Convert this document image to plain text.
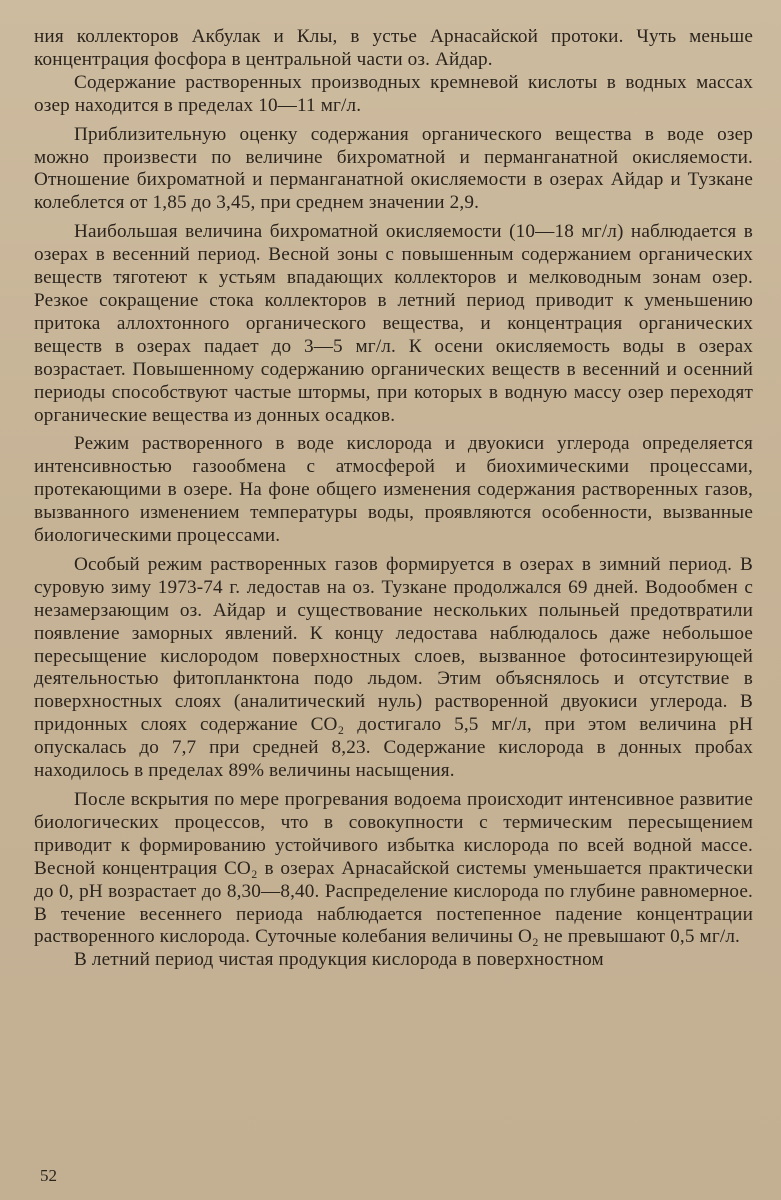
ния коллекторов Акбулак и Клы, в устье Арнасайской протоки. Чуть меньше концентрация фосфора в центральной части оз. Айдар.

Содержание растворенных производных кремневой кислоты в водных массах озер находится в пределах 10—11 мг/л.

Приблизительную оценку содержания органического вещества в воде озер можно произвести по величине бихроматной и перманганатной окисляемости. Отношение бихроматной и перманганатной окисляемости в озерах Айдар и Тузкане колеблется от 1,85 до 3,45, при среднем значении 2,9.

Наибольшая величина бихроматной окисляемости (10—18 мг/л) наблюдается в озерах в весенний период. Весной зоны с повышенным содержанием органических веществ тяготеют к устьям впадающих коллекторов и мелководным зонам озер. Резкое сокращение стока коллекторов в летний период приводит к уменьшению притока аллохтонного органического вещества, и концентрация органических веществ в озерах падает до 3—5 мг/л. К осени окисляемость воды в озерах возрастает. Повышенному содержанию органических веществ в весенний и осенний периоды способствуют частые штормы, при которых в водную массу озер переходят органические вещества из донных осадков.

Режим растворенного в воде кислорода и двуокиси углерода определяется интенсивностью газообмена с атмосферой и биохимическими процессами, протекающими в озере. На фоне общего изменения содержания растворенных газов, вызванного изменением температуры воды, проявляются особенности, вызванные биологическими процессами.

Особый режим растворенных газов формируется в озерах в зимний период. В суровую зиму 1973-74 г. ледостав на оз. Тузкане продолжался 69 дней. Водообмен с незамерзающим оз. Айдар и существование нескольких полыньей предотвратили появление заморных явлений. К концу ледостава наблюдалось даже небольшое пересыщение кислородом поверхностных слоев, вызванное фотосинтезирующей деятельностью фитопланктона подо льдом. Этим объяснялось и отсутствие в поверхностных слоях (аналитический нуль) растворенной двуокиси углерода. В придонных слоях содержание CO₂ достигало 5,5 мг/л, при этом величина pH опускалась до 7,7 при средней 8,23. Содержание кислорода в донных пробах находилось в пределах 89% величины насыщения.

После вскрытия по мере прогревания водоема происходит интенсивное развитие биологических процессов, что в совокупности с термическим пересыщением приводит к формированию устойчивого избытка кислорода по всей водной массе. Весной концентрация CO₂ в озерах Арнасайской системы уменьшается практически до 0, pH возрастает до 8,30—8,40. Распределение кислорода по глубине равномерное. В течение весеннего периода наблюдается постепенное падение концентрации растворенного кислорода. Суточные колебания величины O₂ не превышают 0,5 мг/л.

В летний период чистая продукция кислорода в поверхностном

52
